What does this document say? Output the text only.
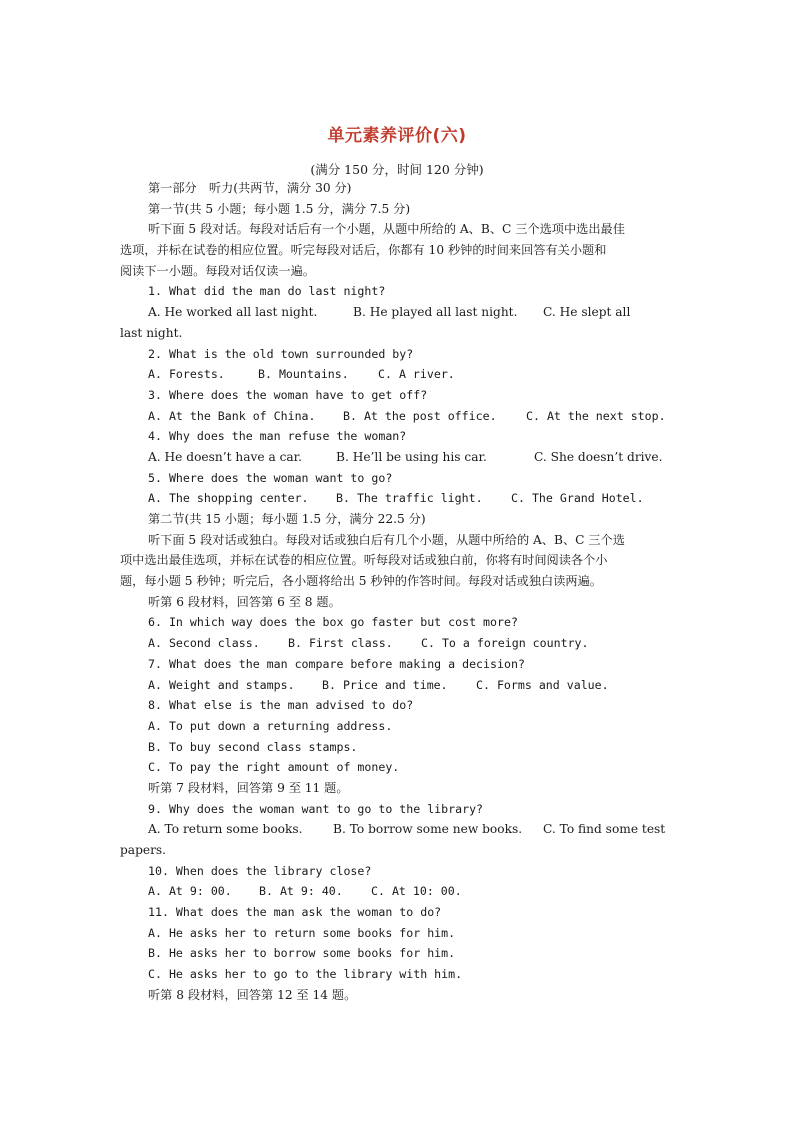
单元素养评价(六)
(满分 150 分，时间 120 分钟)
第一部分　听力(共两节，满分 30 分)
第一节(共 5 小题；每小题 1.5 分，满分 7.5 分)
听下面 5 段对话。每段对话后有一个小题，从题中所给的 A、B、C 三个选项中选出最佳
选项，并标在试卷的相应位置。听完每段对话后，你都有 10 秒钟的时间来回答有关小题和
阅读下一小题。每段对话仅读一遍。
1. What did the man do last night?
A. He worked all last night.	B. He played all last night.	C. He slept all
last night.
2. What is the old town surrounded by?
A. Forests.	B. Mountains.	C. A river.
3. Where does the woman have to get off?
A. At the Bank of China.	B. At the post office.	C. At the next stop.
4. Why does the man refuse the woman?
A. He doesn’t have a car.	B. He’ll be using his car.	C. She doesn’t drive.
5. Where does the woman want to go?
A. The shopping center.	B. The traffic light.	C. The Grand Hotel.
第二节(共 15 小题；每小题 1.5 分，满分 22.5 分)
听下面 5 段对话或独白。每段对话或独白后有几个小题，从题中所给的 A、B、C 三个选
项中选出最佳选项，并标在试卷的相应位置。听每段对话或独白前，你将有时间阅读各个小
题，每小题 5 秒钟；听完后，各小题将给出 5 秒钟的作答时间。每段对话或独白读两遍。
听第 6 段材料，回答第 6 至 8 题。
6. In which way does the box go faster but cost more?
A. Second class.	B. First class.	C. To a foreign country.
7. What does the man compare before making a decision?
A. Weight and stamps.	B. Price and time.	C. Forms and value.
8. What else is the man advised to do?
A. To put down a returning address.
B. To buy second class stamps.
C. To pay the right amount of money.
听第 7 段材料，回答第 9 至 11 题。
9. Why does the woman want to go to the library?
A. To return some books.	B. To borrow some new books.	C. To find some test
papers.
10. When does the library close?
A. At 9: 00.	B. At 9: 40.	C. At 10: 00.
11. What does the man ask the woman to do?
A. He asks her to return some books for him.
B. He asks her to borrow some books for him.
C. He asks her to go to the library with him.
听第 8 段材料，回答第 12 至 14 题。
